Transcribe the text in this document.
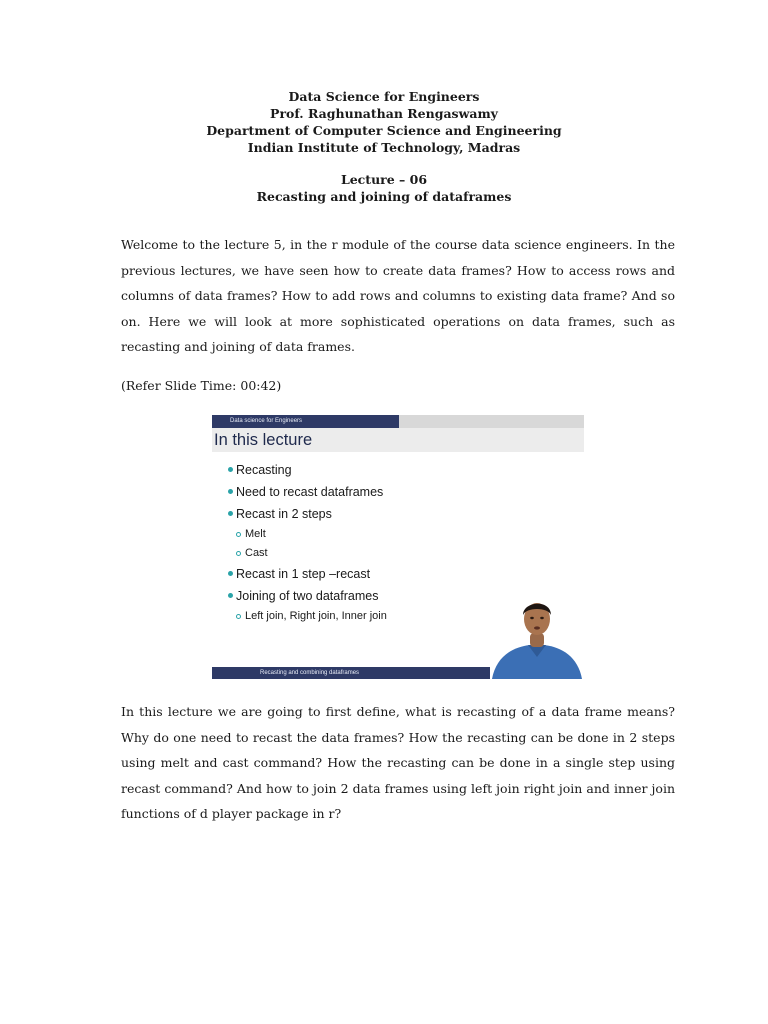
Data Science for Engineers
Prof. Raghunathan Rengaswamy
Department of Computer Science and Engineering
Indian Institute of Technology, Madras
Lecture – 06
Recasting and joining of dataframes

Welcome to the lecture 5, in the r module of the course data science engineers. In the previous lectures, we have seen how to create data frames? How to access rows and columns of data frames? How to add rows and columns to existing data frame? And so on. Here we will look at more sophisticated operations on data frames, such as recasting and joining of data frames.

(Refer Slide Time: 00:42)

Data science for Engineers
In this lecture
Recasting
Need to recast dataframes
Recast in 2 steps
Melt
Cast
Recast in 1 step –recast
Joining of two dataframes
Left join, Right join, Inner join
Recasting and combining dataframes

In this lecture we are going to first define, what is recasting of a data frame means? Why do one need to recast the data frames? How the recasting can be done in 2 steps using melt and cast command? How the recasting can be done in a single step using recast command? And how to join 2 data frames using left join right join and inner join functions of d player package in r?
